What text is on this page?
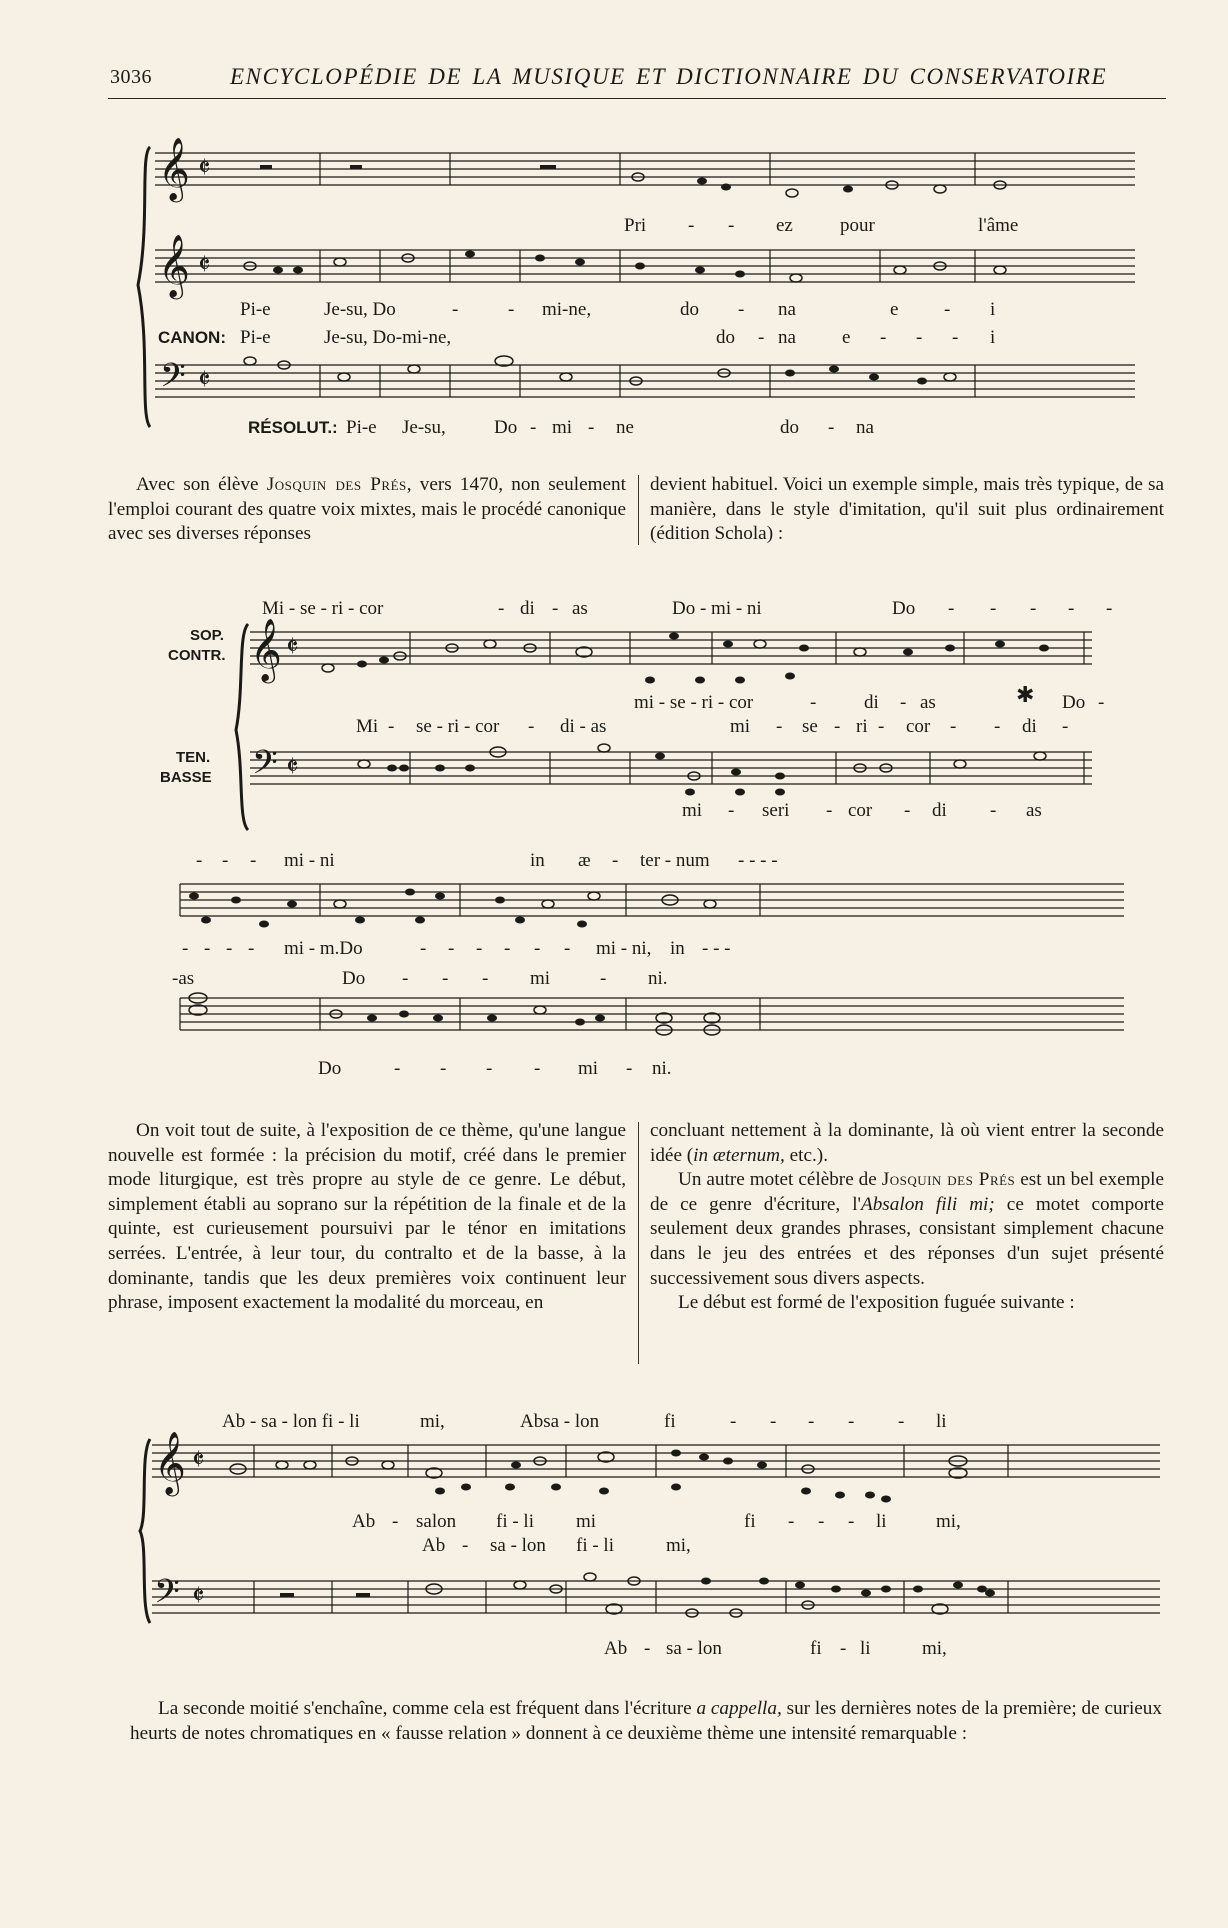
3036	ENCYCLOPÉDIE DE LA MUSIQUE ET DICTIONNAIRE DU CONSERVATOIRE
𝄞 𝄵
Pri - - ez pour	l'âme
𝄞 𝄵
Pi-e	Je-su, Do	-	- mi-ne,	do - na	e - i
CANON: Pi-e	Je-su, Do-mi-ne,	do - na e - - - i
𝄢 𝄵
RÉSOLUT.: Pi-e Je-su,	Do - mi - ne	do - na

Avec son élève Josquin des Prés, vers 1470, non seulement l'emploi courant des quatre voix mixtes, mais le procédé canonique avec ses diverses réponses

devient habituel. Voici un exemple simple, mais très typique, de sa manière, dans le style d'imitation, qu'il suit plus ordinairement (édition Schola) :

Mi - se - ri - cor	- di - as	Do - mi - ni	Do - - - - -
SOP.
CONTR. 𝄞 𝄵
mi - se - ri - cor	-	di - as	✱ Do -
Mi - se - ri - cor - di - as	mi - se - ri - cor - - di -
TEN.
BASSE 𝄢 𝄵
mi - seri - cor - di - as
- - - mi - ni	in æ - ter - num - - - -
- - - - mi - m.Do	- - - - - - mi - ni, in - - -
-as	Do - - - mi	- ni.
Do	- - - - mi - ni.

On voit tout de suite, à l'exposition de ce thème, qu'une langue nouvelle est formée : la précision du motif, créé dans le premier mode liturgique, est très propre au style de ce genre. Le début, simplement établi au soprano sur la répétition de la finale et de la quinte, est curieusement poursuivi par le ténor en imitations serrées. L'entrée, à leur tour, du contralto et de la basse, à la dominante, tandis que les deux premières voix continuent leur phrase, imposent exactement la modalité du morceau, en

concluant nettement à la dominante, là où vient entrer la seconde idée (in æternum, etc.).

Un autre motet célèbre de Josquin des Prés est un bel exemple de ce genre d'écriture, l'Absalon fili mi; ce motet comporte seulement deux grandes phrases, consistant simplement chacune dans le jeu des entrées et des réponses d'un sujet présenté successivement sous divers aspects.

Le début est formé de l'exposition fuguée suivante :

Ab - sa - lon fi - li	mi,	Absa - lon	fi	- - - - - li
𝄞 𝄵
Ab - salon fi - li mi	fi - - - li	mi,
Ab - sa - lon fi - li	mi,
𝄢 𝄵
Ab - sa - lon	fi - li	mi,

La seconde moitié s'enchaîne, comme cela est fréquent dans l'écriture a cappella, sur les dernières notes de la première; de curieux heurts de notes chromatiques en « fausse relation » donnent à ce deuxième thème une intensité remarquable :
